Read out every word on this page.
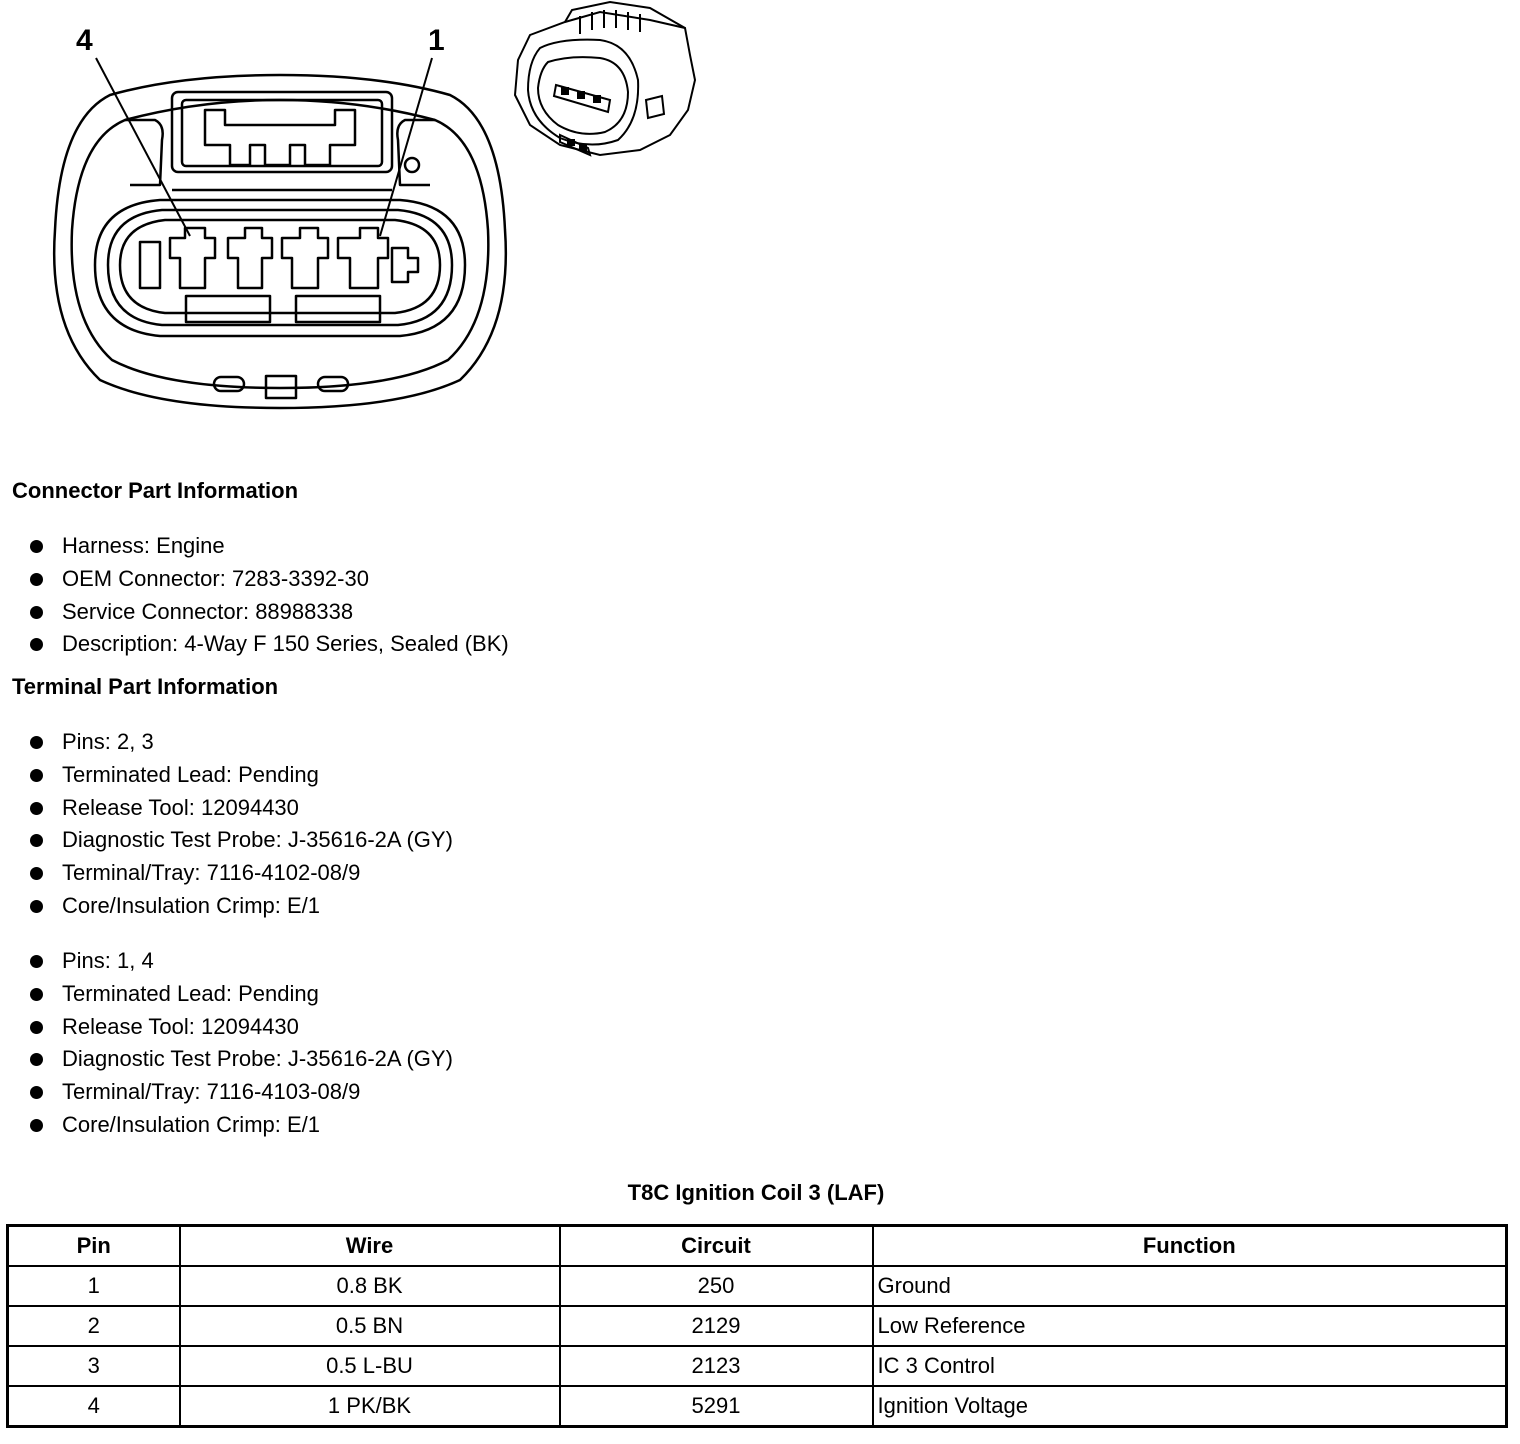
4	1
Connector Part Information
Harness: Engine
OEM Connector: 7283-3392-30
Service Connector: 88988338
Description: 4-Way F 150 Series, Sealed (BK)
Terminal Part Information
Pins: 2, 3
Terminated Lead: Pending
Release Tool: 12094430
Diagnostic Test Probe: J-35616-2A (GY)
Terminal/Tray: 7116-4102-08/9
Core/Insulation Crimp: E/1
Pins: 1, 4
Terminated Lead: Pending
Release Tool: 12094430
Diagnostic Test Probe: J-35616-2A (GY)
Terminal/Tray: 7116-4103-08/9
Core/Insulation Crimp: E/1
T8C Ignition Coil 3 (LAF)
Pin	Wire	Circuit	Function
1	0.8 BK	250	Ground
2	0.5 BN	2129	Low Reference
3	0.5 L-BU	2123	IC 3 Control
4	1 PK/BK	5291	Ignition Voltage
